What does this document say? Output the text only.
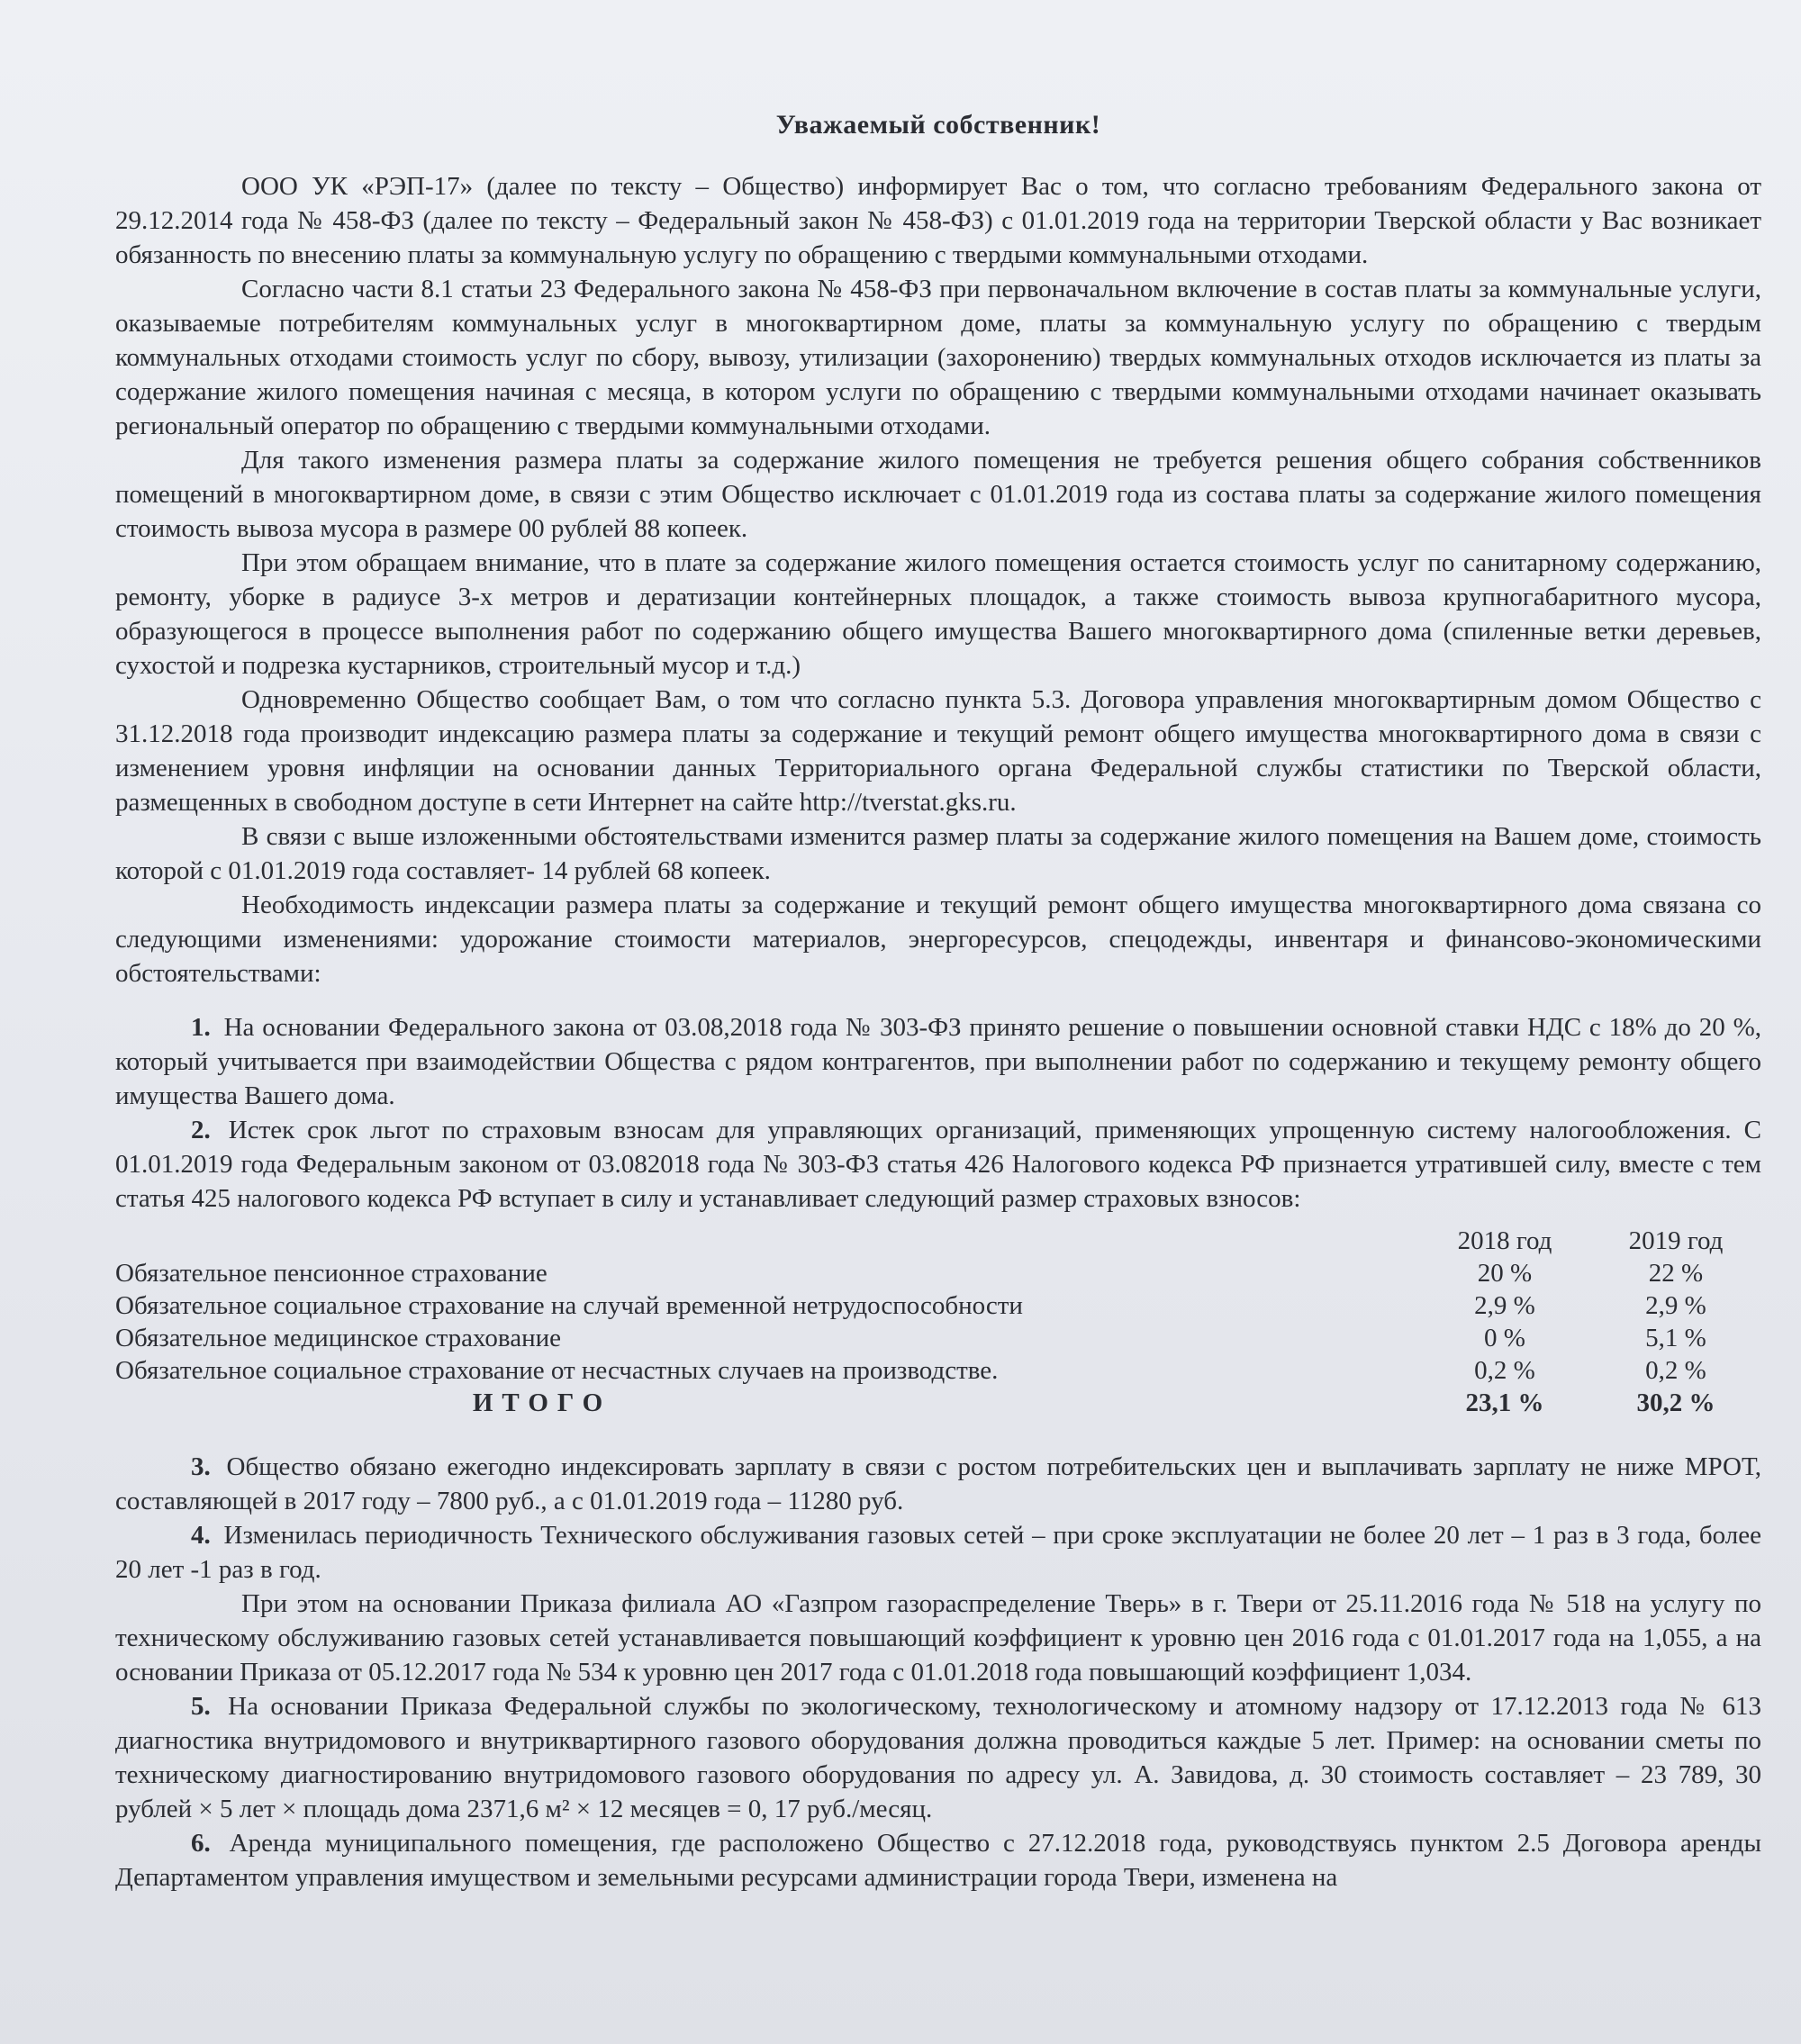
Уважаемый собственник!

ООО УК «РЭП-17» (далее по тексту – Общество) информирует Вас о том, что согласно требованиям Федерального закона от 29.12.2014 года № 458-ФЗ (далее по тексту – Федеральный закон № 458-ФЗ) с 01.01.2019 года на территории Тверской области у Вас возникает обязанность по внесению платы за коммунальную услугу по обращению с твердыми коммунальными отходами.

Согласно части 8.1 статьи 23 Федерального закона № 458-ФЗ при первоначальном включение в состав платы за коммунальные услуги, оказываемые потребителям коммунальных услуг в многоквартирном доме, платы за коммунальную услугу по обращению с твердым коммунальных отходами стоимость услуг по сбору, вывозу, утилизации (захоронению) твердых коммунальных отходов исключается из платы за содержание жилого помещения начиная с месяца, в котором услуги по обращению с твердыми коммунальными отходами начинает оказывать региональный оператор по обращению с твердыми коммунальными отходами.

Для такого изменения размера платы за содержание жилого помещения не требуется решения общего собрания собственников помещений в многоквартирном доме, в связи с этим Общество исключает с 01.01.2019 года из состава платы за содержание жилого помещения стоимость вывоза мусора в размере 00 рублей 88 копеек.

При этом обращаем внимание, что в плате за содержание жилого помещения остается стоимость услуг по санитарному содержанию, ремонту, уборке в радиусе 3-х метров и дератизации контейнерных площадок, а также стоимость вывоза крупногабаритного мусора, образующегося в процессе выполнения работ по содержанию общего имущества Вашего многоквартирного дома (спиленные ветки деревьев, сухостой и подрезка кустарников, строительный мусор и т.д.)

Одновременно Общество сообщает Вам, о том что согласно пункта 5.3. Договора управления многоквартирным домом Общество с 31.12.2018 года производит индексацию размера платы за содержание и текущий ремонт общего имущества многоквартирного дома в связи с изменением уровня инфляции на основании данных Территориального органа Федеральной службы статистики по Тверской области, размещенных в свободном доступе в сети Интернет на сайте http://tverstat.gks.ru.

В связи с выше изложенными обстоятельствами изменится размер платы за содержание жилого помещения на Вашем доме, стоимость которой с 01.01.2019 года составляет- 14 рублей 68 копеек.

Необходимость индексации размера платы за содержание и текущий ремонт общего имущества многоквартирного дома связана со следующими изменениями: удорожание стоимости материалов, энергоресурсов, спецодежды, инвентаря и финансово-экономическими обстоятельствами:

1. На основании Федерального закона от 03.08,2018 года № 303-ФЗ принято решение о повышении основной ставки НДС с 18% до 20 %, который учитывается при взаимодействии Общества с рядом контрагентов, при выполнении работ по содержанию и текущему ремонту общего имущества Вашего дома.

2. Истек срок льгот по страховым взносам для управляющих организаций, применяющих упрощенную систему налогообложения. С 01.01.2019 года Федеральным законом от 03.082018 года № 303-ФЗ статья 426 Налогового кодекса РФ признается утратившей силу, вместе с тем статья 425 налогового кодекса РФ вступает в силу и устанавливает следующий размер страховых взносов:

	2018 год	2019 год
Обязательное пенсионное страхование	20 %	22 %
Обязательное социальное страхование на случай временной нетрудоспособности	2,9 %	2,9 %
Обязательное медицинское страхование	0 %	5,1 %
Обязательное социальное страхование от несчастных случаев на производстве.	0,2 %	0,2 %
ИТОГО	23,1 %	30,2 %

3. Общество обязано ежегодно индексировать зарплату в связи с ростом потребительских цен и выплачивать зарплату не ниже МРОТ, составляющей в 2017 году – 7800 руб., а с 01.01.2019 года – 11280 руб.

4. Изменилась периодичность Технического обслуживания газовых сетей – при сроке эксплуатации не более 20 лет – 1 раз в 3 года, более 20 лет -1 раз в год.

При этом на основании Приказа филиала АО «Газпром газораспределение Тверь» в г. Твери от 25.11.2016 года № 518 на услугу по техническому обслуживанию газовых сетей устанавливается повышающий коэффициент к уровню цен 2016 года с 01.01.2017 года на 1,055, а на основании Приказа от 05.12.2017 года № 534 к уровню цен 2017 года с 01.01.2018 года повышающий коэффициент 1,034.

5. На основании Приказа Федеральной службы по экологическому, технологическому и атомному надзору от 17.12.2013 года № 613 диагностика внутридомового и внутриквартирного газового оборудования должна проводиться каждые 5 лет. Пример: на основании сметы по техническому диагностированию внутридомового газового оборудования по адресу ул. А. Завидова, д. 30 стоимость составляет – 23 789, 30 рублей × 5 лет × площадь дома 2371,6 м² × 12 месяцев = 0, 17 руб./месяц.

6. Аренда муниципального помещения, где расположено Общество с 27.12.2018 года, руководствуясь пунктом 2.5 Договора аренды Департаментом управления имуществом и земельными ресурсами администрации города Твери, изменена на
